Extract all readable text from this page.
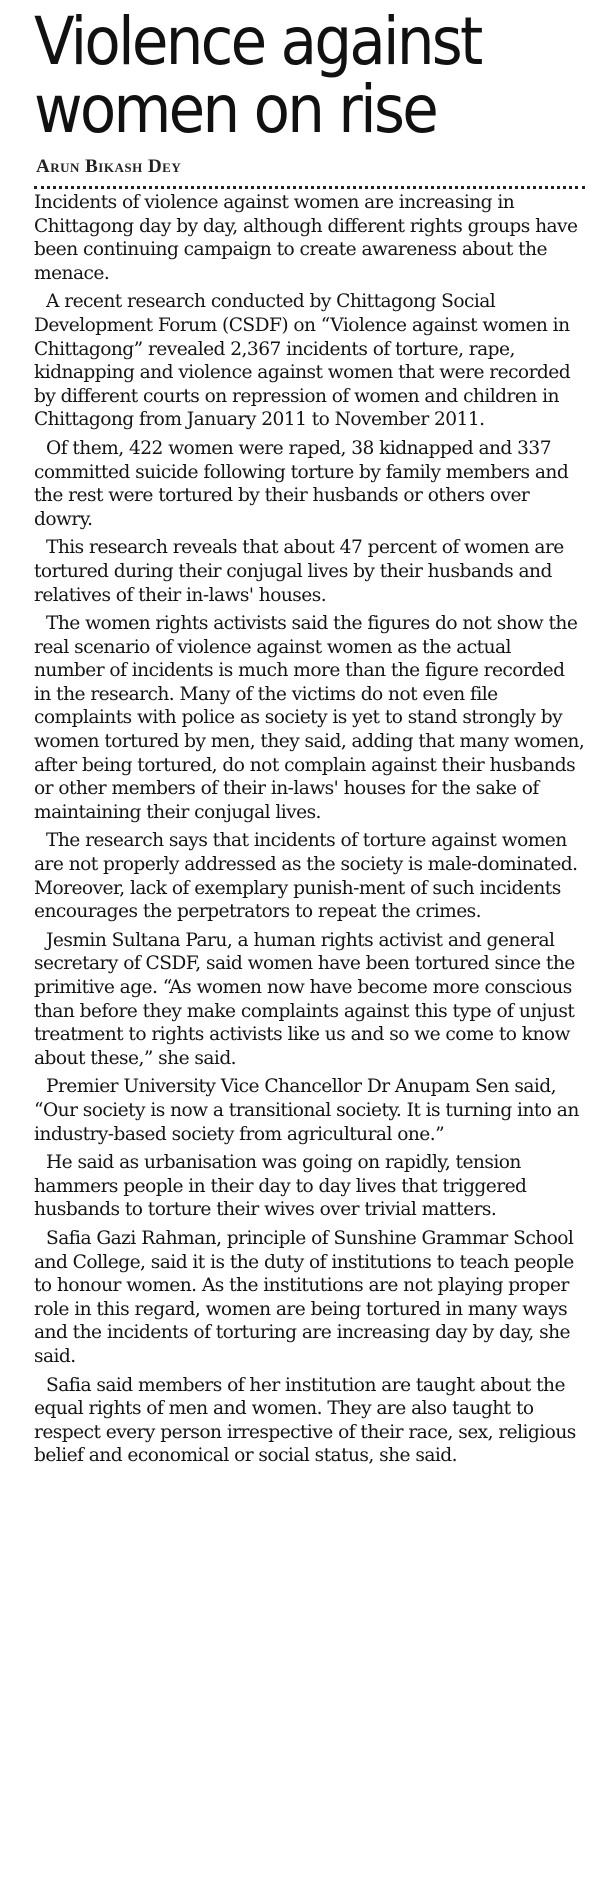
Violence against women on rise
Arun Bikash Dey

Incidents of violence against women are increasing in Chittagong day by day, although different rights groups have been continuing campaign to create awareness about the menace.

A recent research conducted by Chittagong Social Development Forum (CSDF) on “Violence against women in Chittagong” revealed 2,367 incidents of torture, rape, kidnapping and violence against women that were recorded by different courts on repression of women and children in Chittagong from January 2011 to November 2011.

Of them, 422 women were raped, 38 kidnapped and 337 committed suicide following torture by family members and the rest were tortured by their husbands or others over dowry.

This research reveals that about 47 percent of women are tortured during their conjugal lives by their husbands and relatives of their in-laws' houses.

The women rights activists said the figures do not show the real scenario of violence against women as the actual number of incidents is much more than the figure recorded in the research. Many of the victims do not even file complaints with police as society is yet to stand strongly by women tortured by men, they said, adding that many women, after being tortured, do not complain against their husbands or other members of their in-laws' houses for the sake of maintaining their conjugal lives.

The research says that incidents of torture against women are not properly addressed as the society is male-dominated. Moreover, lack of exemplary punish-ment of such incidents encourages the perpetrators to repeat the crimes.

Jesmin Sultana Paru, a human rights activist and general secretary of CSDF, said women have been tortured since the primitive age. “As women now have become more conscious than before they make complaints against this type of unjust treatment to rights activists like us and so we come to know about these,” she said.

Premier University Vice Chancellor Dr Anupam Sen said, “Our society is now a transitional society. It is turning into an industry-based society from agricultural one.”

He said as urbanisation was going on rapidly, tension hammers people in their day to day lives that triggered husbands to torture their wives over trivial matters.

Safia Gazi Rahman, principle of Sunshine Grammar School and College, said it is the duty of institutions to teach people to honour women. As the institutions are not playing proper role in this regard, women are being tortured in many ways and the incidents of torturing are increasing day by day, she said.

Safia said members of her institution are taught about the equal rights of men and women. They are also taught to respect every person irrespective of their race, sex, religious belief and economical or social status, she said.
